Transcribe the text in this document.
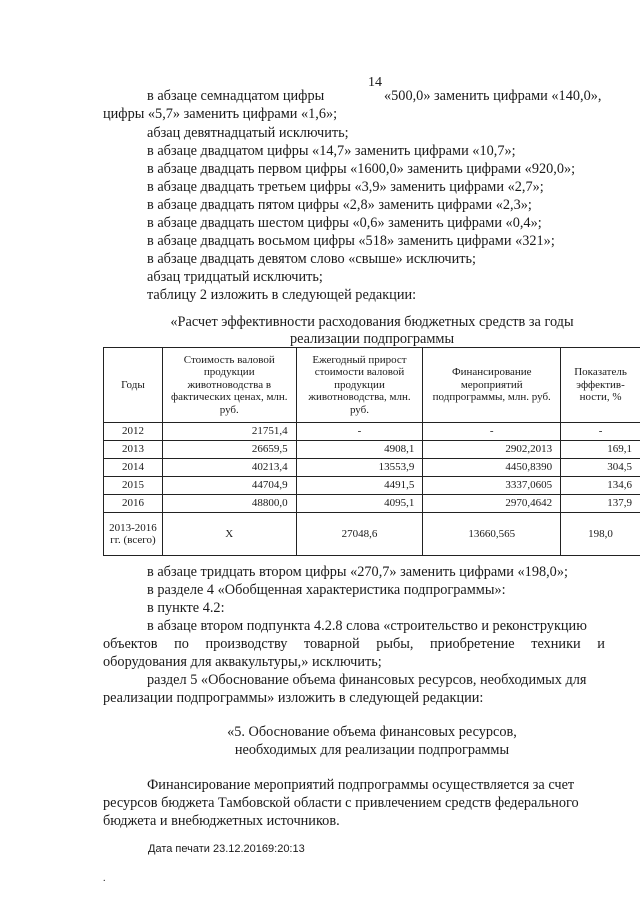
14
в абзаце семнадцатом цифры	«500,0» заменить цифрами «140,0»,
цифры «5,7» заменить цифрами «1,6»;
абзац девятнадцатый исключить;
в абзаце двадцатом цифры «14,7» заменить цифрами «10,7»;
в абзаце двадцать первом цифры «1600,0» заменить цифрами «920,0»;
в абзаце двадцать третьем цифры «3,9» заменить цифрами «2,7»;
в абзаце двадцать пятом цифры «2,8» заменить цифрами «2,3»;
в абзаце двадцать шестом цифры «0,6» заменить цифрами «0,4»;
в абзаце двадцать восьмом цифры «518» заменить цифрами «321»;
в абзаце двадцать девятом слово «свыше» исключить;
абзац тридцатый исключить;
таблицу 2 изложить в следующей редакции:
«Расчет эффективности расходования бюджетных средств за годы
реализации подпрограммы
Годы	Стоимость валовой продукции животноводства в фактических ценах, млн. руб.	Ежегодный прирост стоимости валовой продукции животноводства, млн. руб.	Финансирование мероприятий подпрограммы, млн. руб.	Показатель эффектив-ности, %
2012	21751,4	-	-	-
2013	26659,5	4908,1	2902,2013	169,1
2014	40213,4	13553,9	4450,8390	304,5
2015	44704,9	4491,5	3337,0605	134,6
2016	48800,0	4095,1	2970,4642	137,9
2013-2016 гг. (всего)	X	27048,6	13660,565	198,0
в абзаце тридцать втором цифры «270,7» заменить цифрами «198,0»;
в разделе 4 «Обобщенная характеристика подпрограммы»:
в пункте 4.2:
в абзаце втором подпункта 4.2.8 слова «строительство и реконструкцию
объектов по производству товарной рыбы, приобретение техники и
оборудования для аквакультуры,» исключить;
раздел 5 «Обоснование объема финансовых ресурсов, необходимых для
реализации подпрограммы» изложить в следующей редакции:
«5. Обоснование объема финансовых ресурсов,
необходимых для реализации подпрограммы
Финансирование мероприятий подпрограммы осуществляется за счет
ресурсов бюджета Тамбовской области с привлечением средств федерального
бюджета и внебюджетных источников.
Дата печати 23.12.20169:20:13
.
